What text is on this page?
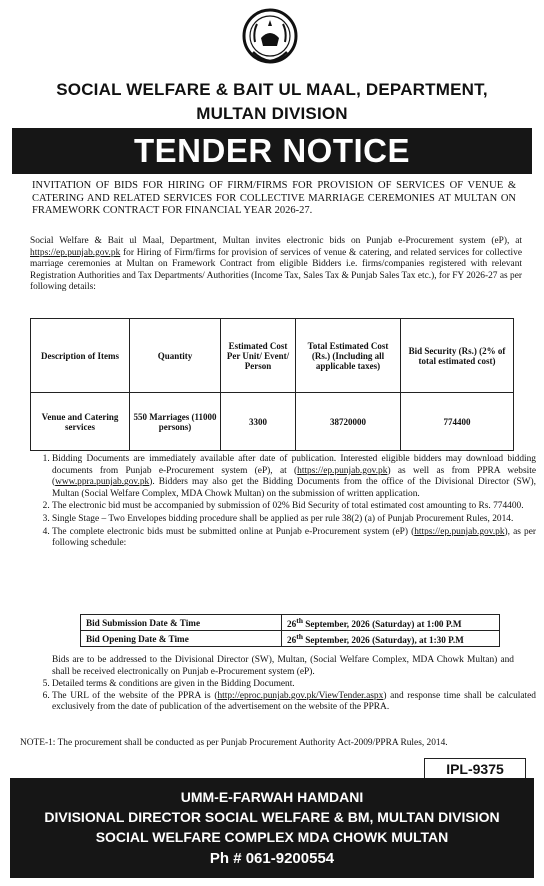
SOCIAL WELFARE & BAIT UL MAAL, DEPARTMENT,
MULTAN DIVISION
TENDER NOTICE
INVITATION OF BIDS FOR HIRING OF FIRM/FIRMS FOR PROVISION OF SERVICES OF VENUE & CATERING AND RELATED SERVICES FOR COLLECTIVE MARRIAGE CEREMONIES AT MULTAN ON FRAMEWORK CONTRACT FOR FINANCIAL YEAR 2026-27.
Social Welfare & Bait ul Maal, Department, Multan invites electronic bids on Punjab e-Procurement system (eP), at https://ep.punjab.gov.pk for Hiring of Firm/firms for provision of services of venue & catering, and related services for collective marriage ceremonies at Multan on Framework Contract from eligible Bidders i.e. firms/companies registered with relevant Registration Authorities and Tax Departments/ Authorities (Income Tax, Sales Tax & Punjab Sales Tax etc.), for FY 2026-27 as per following details:
Description of Items	Quantity	Estimated Cost Per Unit/ Event/ Person	Total Estimated Cost (Rs.) (Including all applicable taxes)	Bid Security (Rs.) (2% of total estimated cost)
Venue and Catering services	550 Marriages (11000 persons)	3300	38720000	774400
1. Bidding Documents are immediately available after date of publication. Interested eligible bidders may download bidding documents from Punjab e-Procurement system (eP), at (https://ep.punjab.gov.pk) as well as from PPRA website (www.ppra.punjab.gov.pk). Bidders may also get the Bidding Documents from the office of the Divisional Director (SW), Multan (Social Welfare Complex, MDA Chowk Multan) on the submission of written application.
2. The electronic bid must be accompanied by submission of 02% Bid Security of total estimated cost amounting to Rs. 774400.
3. Single Stage – Two Envelopes bidding procedure shall be applied as per rule 38(2) (a) of Punjab Procurement Rules, 2014.
4. The complete electronic bids must be submitted online at Punjab e-Procurement system (eP) (https://ep.punjab.gov.pk), as per following schedule:
Bid Submission Date & Time	26th September, 2026 (Saturday) at 1:00 P.M
Bid Opening Date & Time	26th September, 2026 (Saturday), at 1:30 P.M
Bids are to be addressed to the Divisional Director (SW), Multan, (Social Welfare Complex, MDA Chowk Multan) and shall be received electronically on Punjab e-Procurement system (eP).
5. Detailed terms & conditions are given in the Bidding Document.
6. The URL of the website of the PPRA is (http://eproc.punjab.gov.pk/ViewTender.aspx) and response time shall be calculated exclusively from the date of publication of the advertisement on the website of the PPRA.
NOTE-1: The procurement shall be conducted as per Punjab Procurement Authority Act-2009/PPRA Rules, 2014.
IPL-9375
UMM-E-FARWAH HAMDANI
DIVISIONAL DIRECTOR SOCIAL WELFARE & BM, MULTAN DIVISION
SOCIAL WELFARE COMPLEX MDA CHOWK MULTAN
Ph # 061-9200554
